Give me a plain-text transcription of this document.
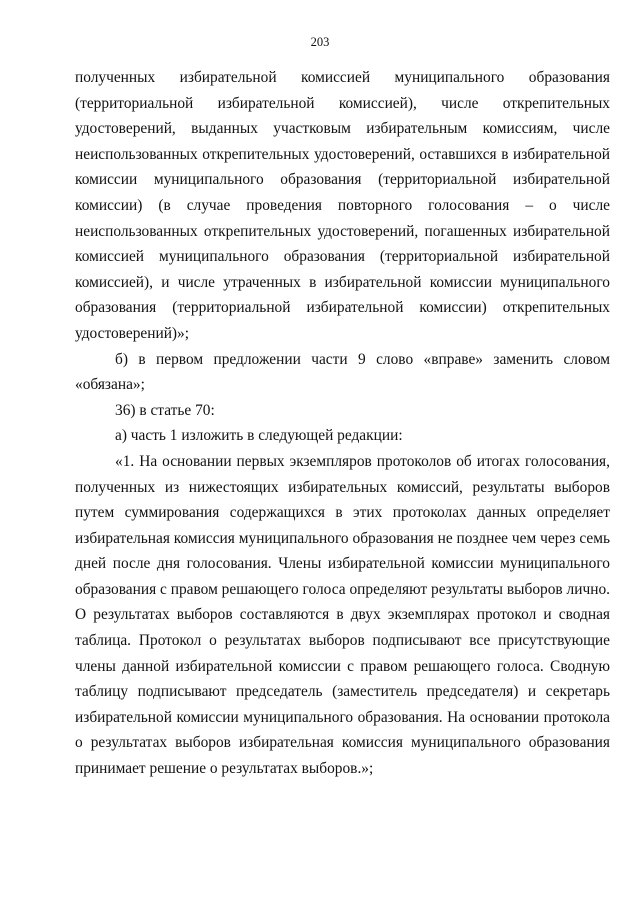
203

полученных избирательной комиссией муниципального образования (территориальной избирательной комиссией), числе открепительных удостоверений, выданных участковым избирательным комиссиям, числе неиспользованных открепительных удостоверений, оставшихся в избирательной комиссии муниципального образования (территориальной избирательной комиссии) (в случае проведения повторного голосования – о числе неиспользованных открепительных удостоверений, погашенных избирательной комиссией муниципального образования (территориальной избирательной комиссией), и числе утраченных в избирательной комиссии муниципального образования (территориальной избирательной комиссии) открепительных удостоверений)»;

б) в первом предложении части 9 слово «вправе» заменить словом «обязана»;

36) в статье 70:

а) часть 1 изложить в следующей редакции:

«1. На основании первых экземпляров протоколов об итогах голосования, полученных из нижестоящих избирательных комиссий, результаты выборов путем суммирования содержащихся в этих протоколах данных определяет избирательная комиссия муниципального образования не позднее чем через семь дней после дня голосования. Члены избирательной комиссии муниципального образования с правом решающего голоса определяют результаты выборов лично. О результатах выборов составляются в двух экземплярах протокол и сводная таблица. Протокол о результатах выборов подписывают все присутствующие члены данной избирательной комиссии с правом решающего голоса. Сводную таблицу подписывают председатель (заместитель председателя) и секретарь избирательной комиссии муниципального образования. На основании протокола о результатах выборов избирательная комиссия муниципального образования принимает решение о результатах выборов.»;
